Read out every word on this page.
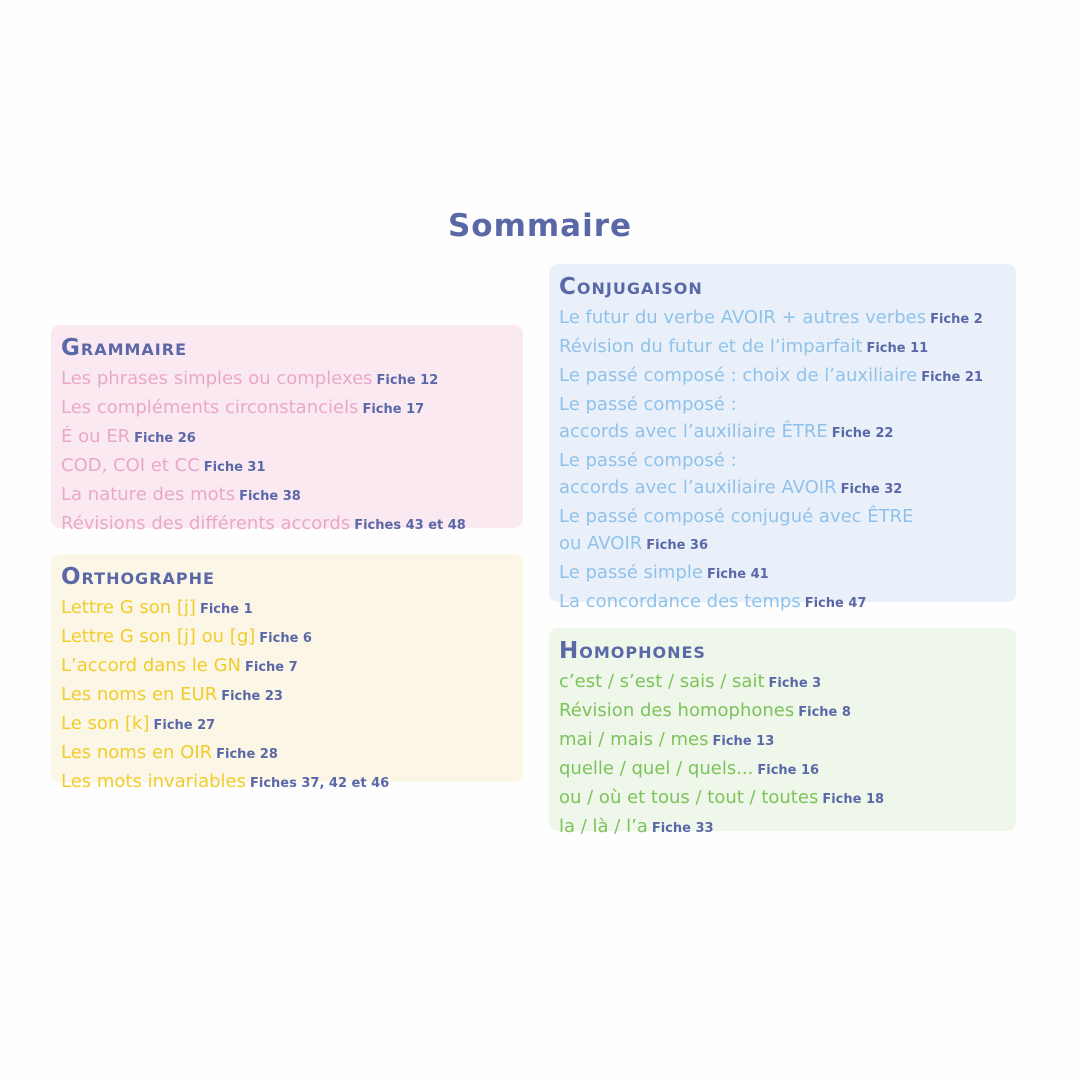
Sommaire
Grammaire
Les phrases simples ou complexes Fiche 12
Les compléments circonstanciels Fiche 17
É ou ER Fiche 26
COD, COI et CC Fiche 31
La nature des mots Fiche 38
Révisions des différents accords Fiches 43 et 48
Orthographe
Lettre G son [j] Fiche 1
Lettre G son [j] ou [g] Fiche 6
L’accord dans le GN Fiche 7
Les noms en EUR Fiche 23
Le son [k] Fiche 27
Les noms en OIR Fiche 28
Les mots invariables Fiches 37, 42 et 46
Conjugaison
Le futur du verbe AVOIR + autres verbes Fiche 2
Révision du futur et de l’imparfait Fiche 11
Le passé composé : choix de l’auxiliaire Fiche 21
Le passé composé :
accords avec l’auxiliaire ÊTRE Fiche 22
Le passé composé :
accords avec l’auxiliaire AVOIR Fiche 32
Le passé composé conjugué avec ÊTRE
ou AVOIR Fiche 36
Le passé simple Fiche 41
La concordance des temps Fiche 47
Homophones
c’est / s’est / sais / sait Fiche 3
Révision des homophones Fiche 8
mai / mais / mes Fiche 13
quelle / quel / quels... Fiche 16
ou / où et tous / tout / toutes Fiche 18
la / là / l’a Fiche 33
